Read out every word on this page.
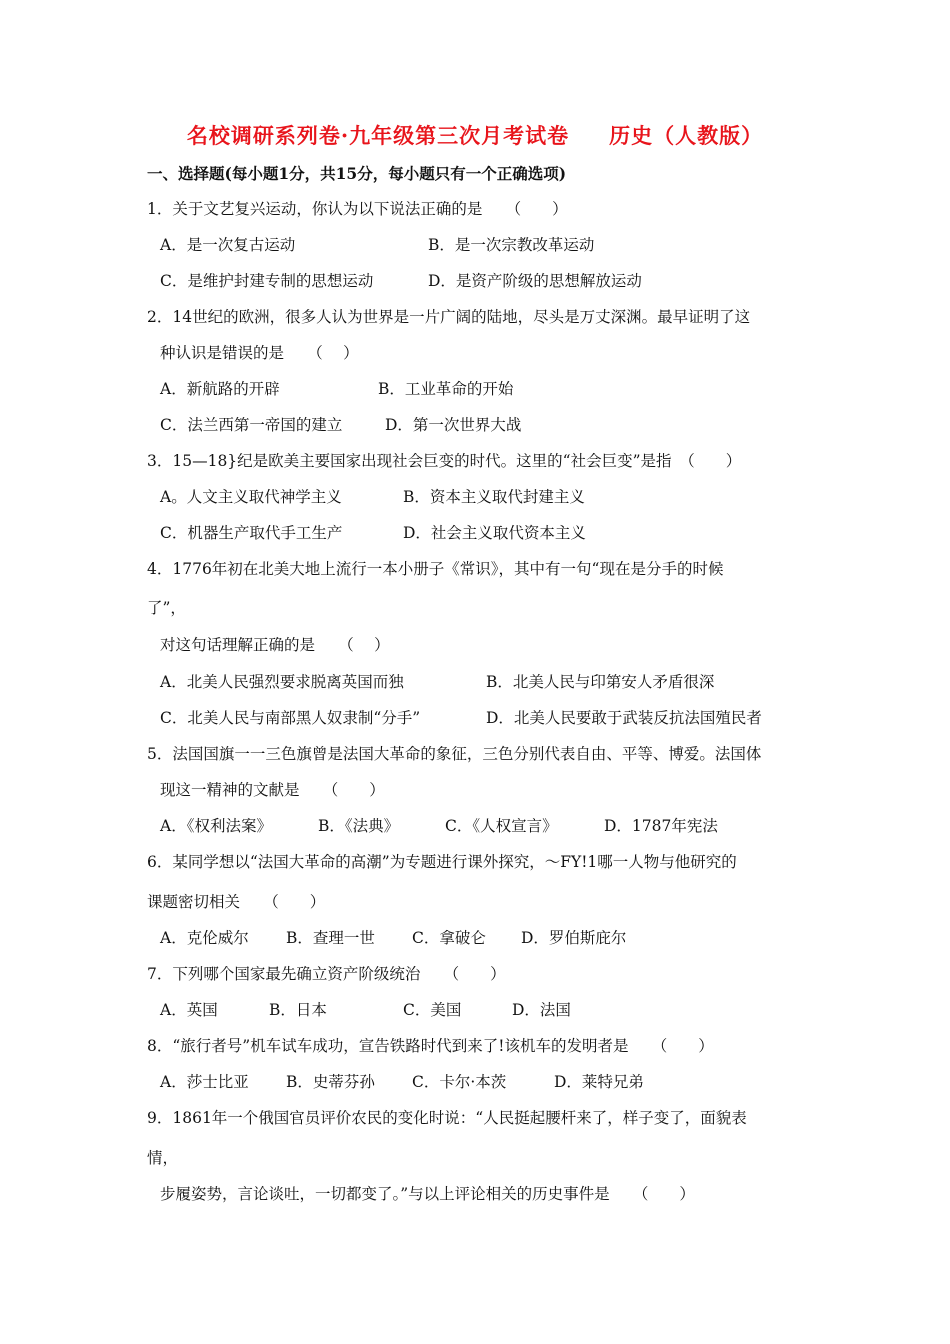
名校调研系列卷·九年级第三次月考试卷 历史（人教版）
一、选择题(每小题1分，共15分，每小题只有一个正确选项)
1．关于文艺复兴运动，你认为以下说法正确的是　　（　　）
A．是一次复古运动	B．是一次宗教改革运动
C．是维护封建专制的思想运动	D．是资产阶级的思想解放运动
2．14世纪的欧洲，很多人认为世界是一片广阔的陆地，尽头是万丈深渊。最早证明了这
种认识是错误的是　　（　 ）
A．新航路的开辟	B．工业革命的开始
C．法兰西第一帝国的建立	D．第一次世界大战
3．15—18}纪是欧美主要国家出现社会巨变的时代。这里的“社会巨变”是指　（　　）
A。人文主义取代神学主义	B．资本主义取代封建主义
C．机器生产取代手工生产	D．社会主义取代资本主义
4．1776年初在北美大地上流行一本小册子《常识》，其中有一句“现在是分手的时候
了”，
对这句话理解正确的是　　（　 ）
A．北美人民强烈要求脱离英国而独	B．北美人民与印第安人矛盾很深
C．北美人民与南部黑人奴隶制“分手”	D．北美人民要敢于武装反抗法国殖民者
5．法国国旗一一三色旗曾是法国大革命的象征，三色分别代表自由、平等、博爱。法国体
现这一精神的文献是　　（　　）
A．《权利法案》	B．《法典》	C．《人权宣言》	D．1787年宪法
6．某同学想以“法国大革命的高潮”为专题进行课外探究，～FY!1哪一人物与他研究的
课题密切相关　　（　　）
A．克伦威尔 B．查理一世 C．拿破仑 D．罗伯斯庇尔
7．下列哪个国家最先确立资产阶级统治　　（　　）
A．英国	B．日本	C．美国	D．法国
8．“旅行者号”机车试车成功，宣告铁路时代到来了!该机车的发明者是　　（　　）
A．莎士比亚 B．史蒂芬孙 C．卡尔·本茨	D．莱特兄弟
9．1861年一个俄国官员评价农民的变化时说：“人民挺起腰杆来了，样子变了，面貌表
情，
步履姿势，言论谈吐，一切都变了。”与以上评论相关的历史事件是　　（　　）
